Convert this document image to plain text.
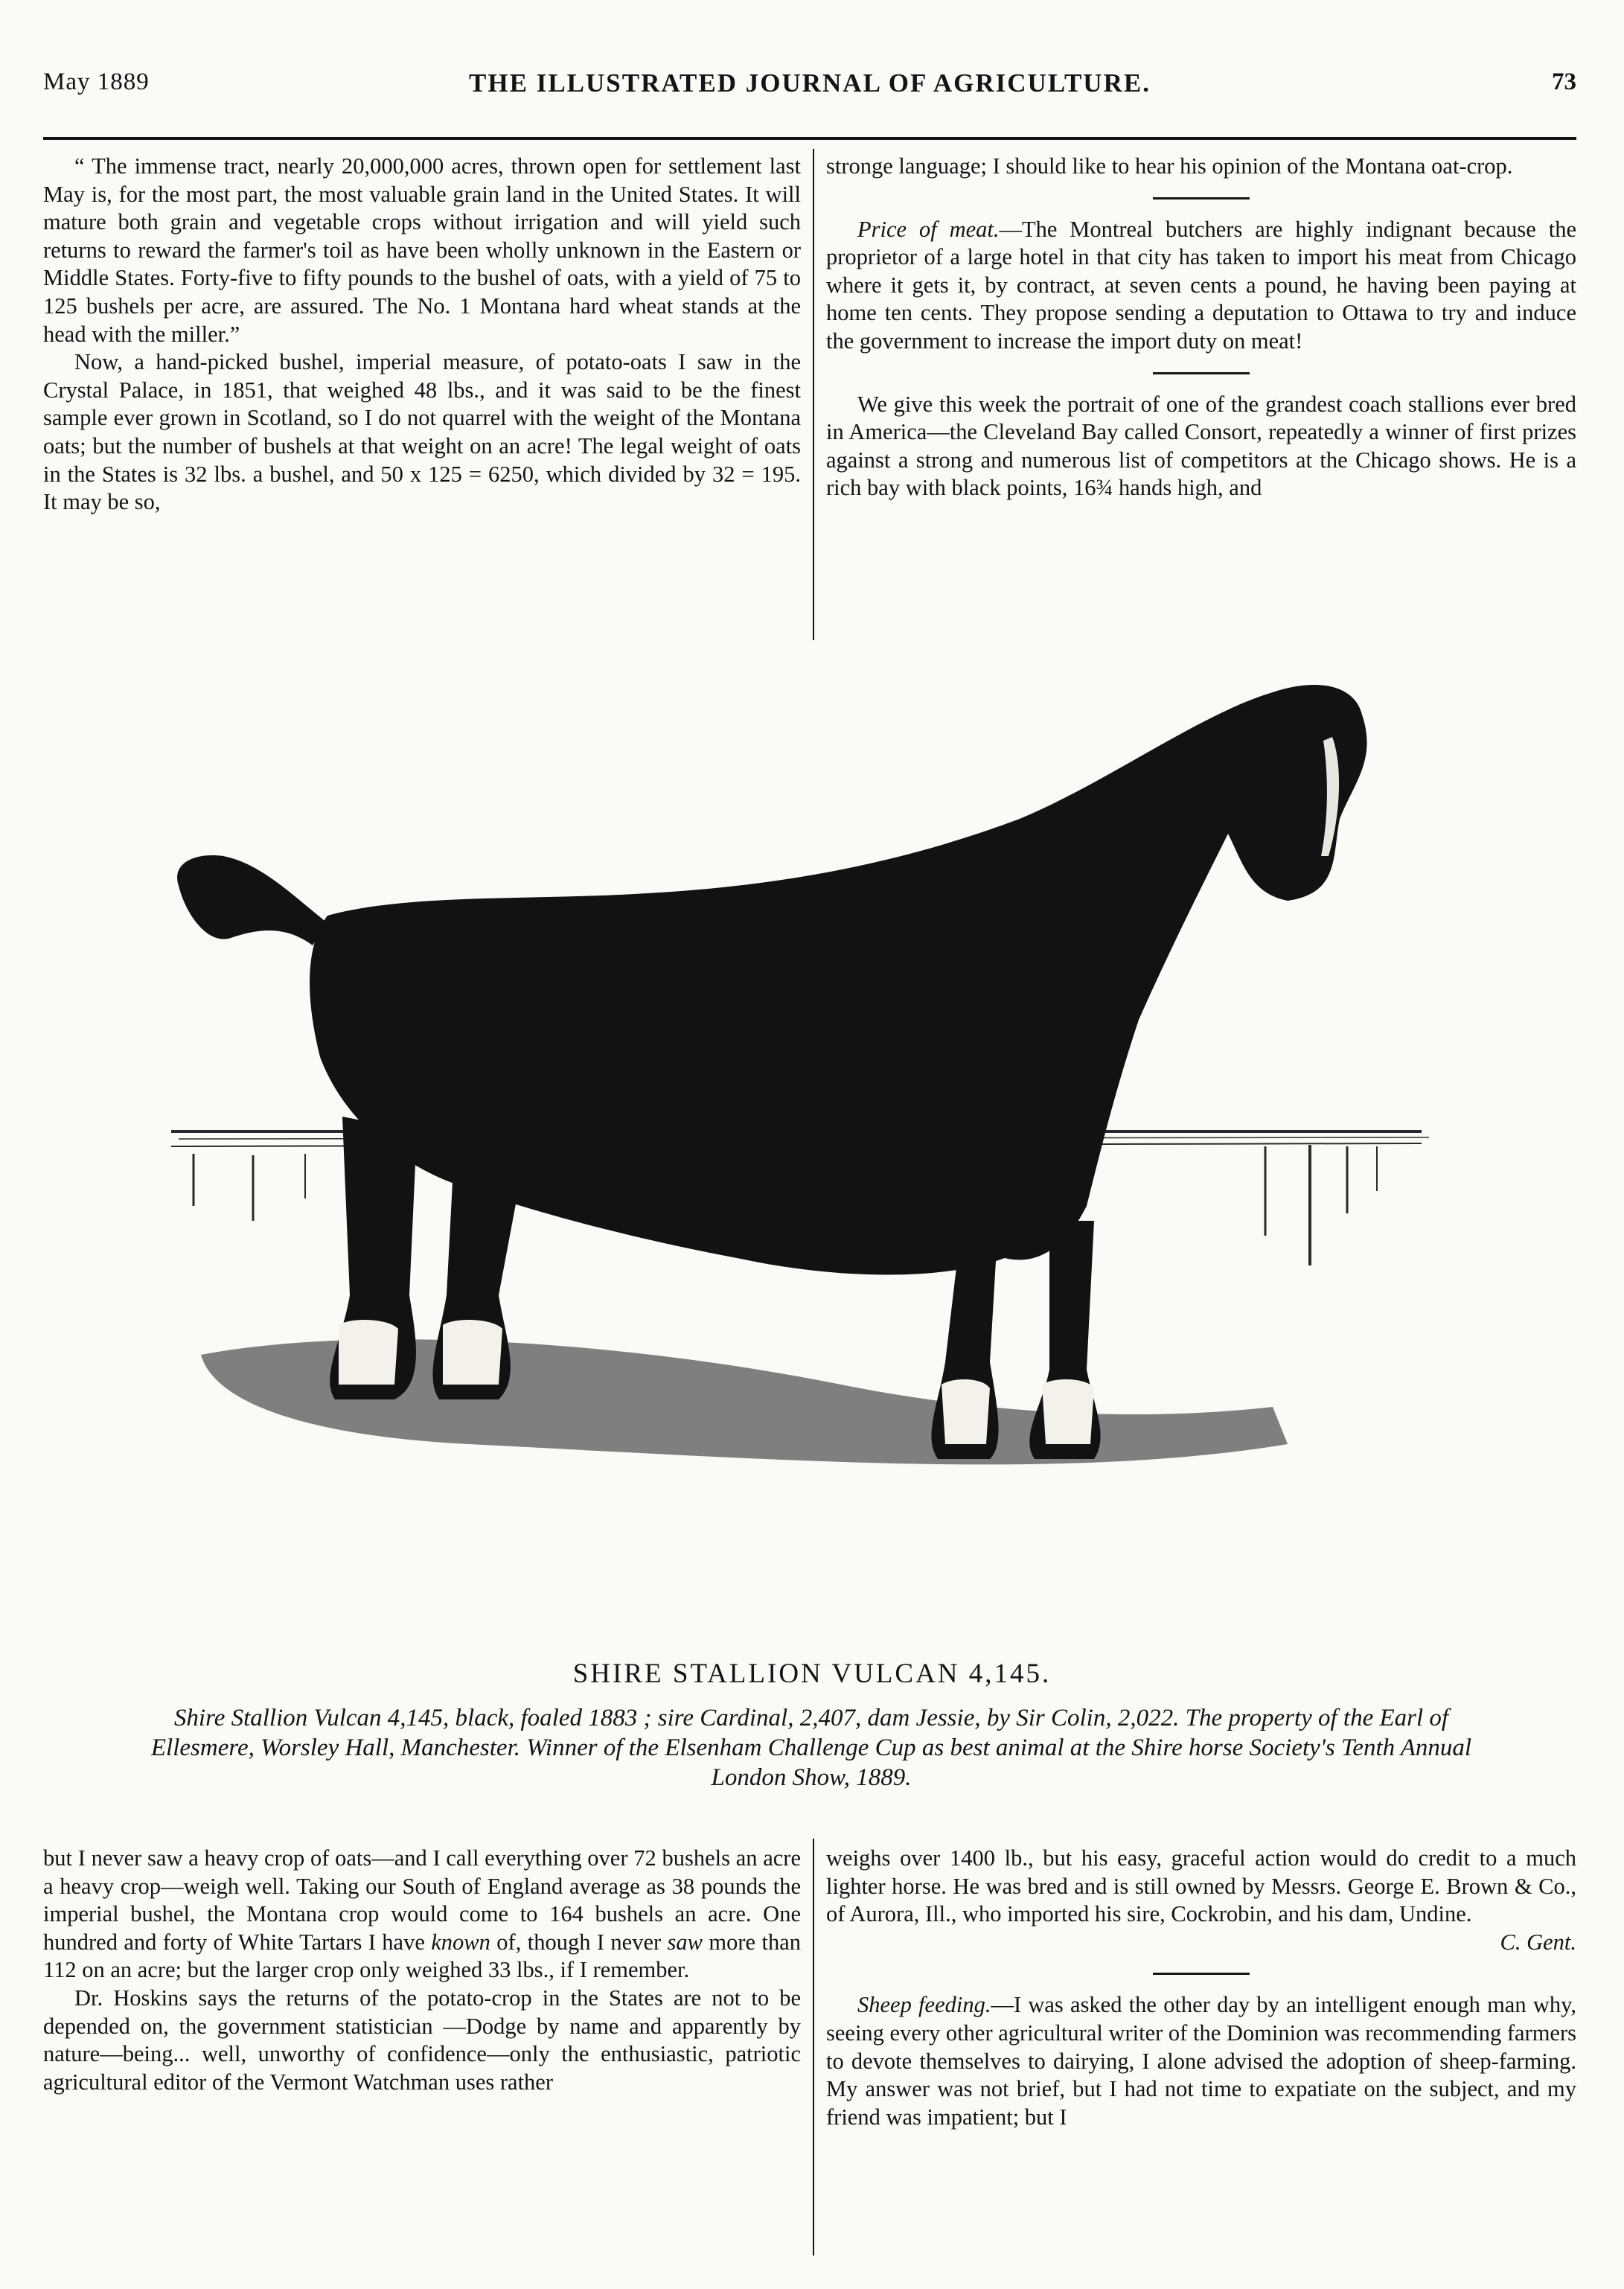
May 1889	THE ILLUSTRATED JOURNAL OF AGRICULTURE.	73

“ The immense tract, nearly 20,000,000 acres, thrown open for settlement last May is, for the most part, the most valuable grain land in the United States. It will mature both grain and vegetable crops without irrigation and will yield such returns to reward the farmer's toil as have been wholly unknown in the Eastern or Middle States. Forty-five to fifty pounds to the bushel of oats, with a yield of 75 to 125 bushels per acre, are assured. The No. 1 Montana hard wheat stands at the head with the miller.”

Now, a hand-picked bushel, imperial measure, of potato-oats I saw in the Crystal Palace, in 1851, that weighed 48 lbs., and it was said to be the finest sample ever grown in Scotland, so I do not quarrel with the weight of the Montana oats; but the number of bushels at that weight on an acre! The legal weight of oats in the States is 32 lbs. a bushel, and 50 x 125 = 6250, which divided by 32 = 195. It may be so,

stronge language; I should like to hear his opinion of the Montana oat-crop.

Price of meat.—The Montreal butchers are highly indignant because the proprietor of a large hotel in that city has taken to import his meat from Chicago where it gets it, by contract, at seven cents a pound, he having been paying at home ten cents. They propose sending a deputation to Ottawa to try and induce the government to increase the import duty on meat!

We give this week the portrait of one of the grandest coach stallions ever bred in America—the Cleveland Bay called Consort, repeatedly a winner of first prizes against a strong and numerous list of competitors at the Chicago shows. He is a rich bay with black points, 16¾ hands high, and

SHIRE STALLION VULCAN 4,145.
Shire Stallion Vulcan 4,145, black, foaled 1883 ; sire Cardinal, 2,407, dam Jessie, by Sir Colin, 2,022. The property of the Earl of Ellesmere, Worsley Hall, Manchester. Winner of the Elsenham Challenge Cup as best animal at the Shire horse Society's Tenth Annual London Show, 1889.

but I never saw a heavy crop of oats—and I call everything over 72 bushels an acre a heavy crop—weigh well. Taking our South of England average as 38 pounds the imperial bushel, the Montana crop would come to 164 bushels an acre. One hundred and forty of White Tartars I have known of, though I never saw more than 112 on an acre; but the larger crop only weighed 33 lbs., if I remember.

Dr. Hoskins says the returns of the potato-crop in the States are not to be depended on, the government statistician —Dodge by name and apparently by nature—being... well, unworthy of confidence—only the enthusiastic, patriotic agricultural editor of the Vermont Watchman uses rather

weighs over 1400 lb., but his easy, graceful action would do credit to a much lighter horse. He was bred and is still owned by Messrs. George E. Brown & Co., of Aurora, Ill., who imported his sire, Cockrobin, and his dam, Undine.

C. Gent.

Sheep feeding.—I was asked the other day by an intelligent enough man why, seeing every other agricultural writer of the Dominion was recommending farmers to devote themselves to dairying, I alone advised the adoption of sheep-farming. My answer was not brief, but I had not time to expatiate on the subject, and my friend was impatient; but I
